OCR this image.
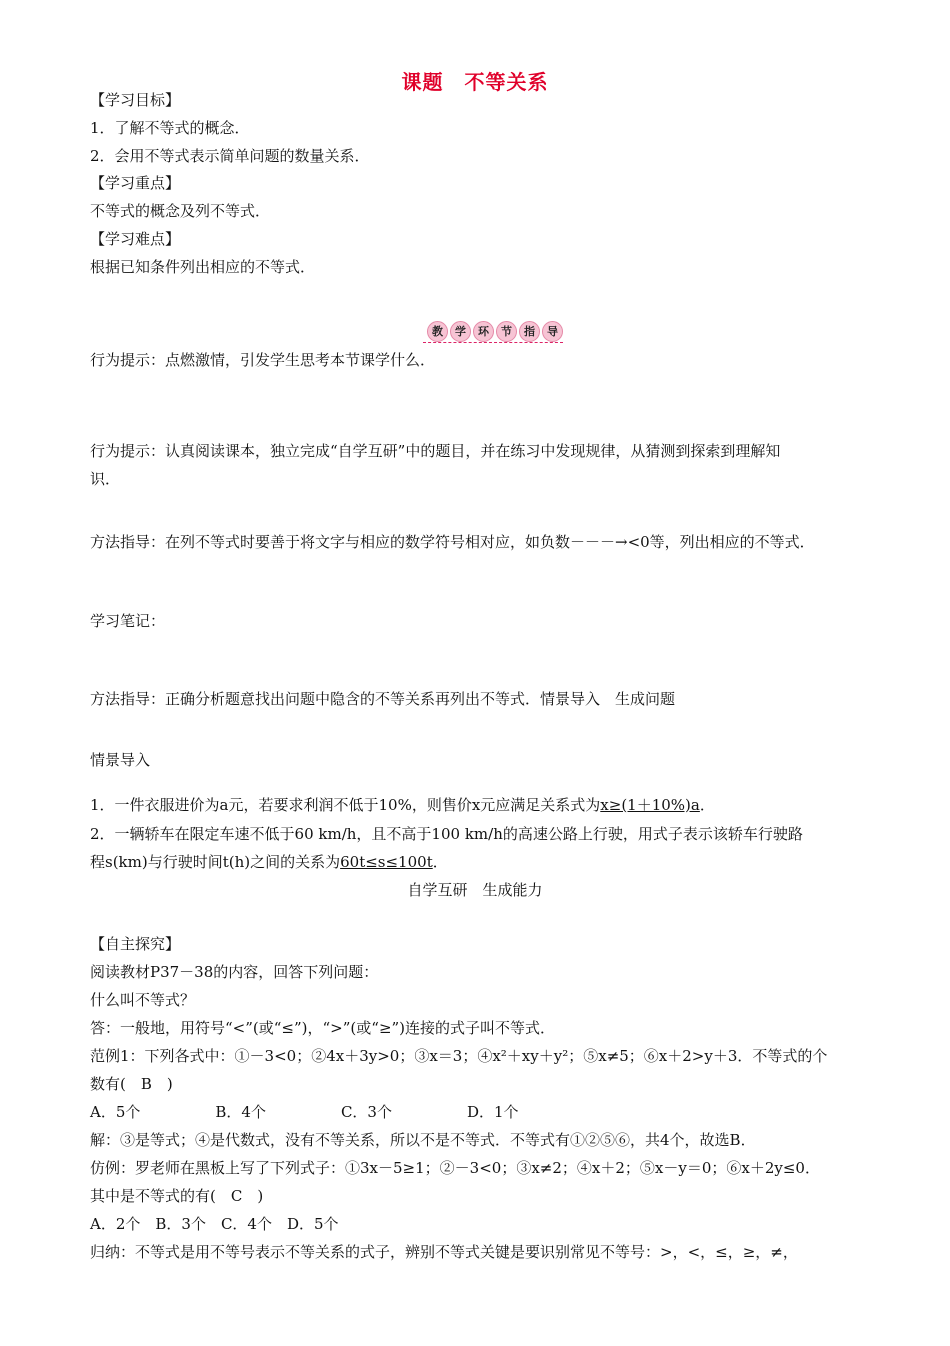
课题　不等关系
【学习目标】
1．了解不等式的概念．
2．会用不等式表示简单问题的数量关系．
【学习重点】
不等式的概念及列不等式．
【学习难点】
根据已知条件列出相应的不等式．
教	学	环	节	指	导
行为提示：点燃激情，引发学生思考本节课学什么．
行为提示：认真阅读课本，独立完成“自学互研”中的题目，并在练习中发现规律，从猜测到探索到理解知
识．
方法指导：在列不等式时要善于将文字与相应的数学符号相对应，如负数－－－→<0等，列出相应的不等式．
学习笔记：
方法指导：正确分析题意找出问题中隐含的不等关系再列出不等式．情景导入　生成问题
情景导入
1．一件衣服进价为a元，若要求利润不低于10%，则售价x元应满足关系式为x≥(1＋10%)a．
2．一辆轿车在限定车速不低于60 km/h，且不高于100 km/h的高速公路上行驶，用式子表示该轿车行驶路
程s(km)与行驶时间t(h)之间的关系为60t≤s≤100t．
自学互研　生成能力
【自主探究】
阅读教材P37－38的内容，回答下列问题：
什么叫不等式？
答：一般地，用符号“<”(或“≤”)，“>”(或“≥”)连接的式子叫不等式．
范例1：下列各式中：①－3<0；②4x＋3y>0；③x＝3；④x²＋xy＋y²；⑤x≠5；⑥x＋2>y＋3．不等式的个
数有(　B　)
A．5个　　　　　B．4个　　　　　C．3个　　　　　D．1个
解：③是等式；④是代数式，没有不等关系，所以不是不等式．不等式有①②⑤⑥，共4个，故选B．
仿例：罗老师在黑板上写了下列式子：①3x－5≥1；②－3<0；③x≠2；④x＋2；⑤x－y＝0；⑥x＋2y≤0．
其中是不等式的有(　C　)
A．2个　B．3个　C．4个　D．5个
归纳：不等式是用不等号表示不等关系的式子，辨别不等式关键是要识别常见不等号：>，<，≤，≥，≠，
